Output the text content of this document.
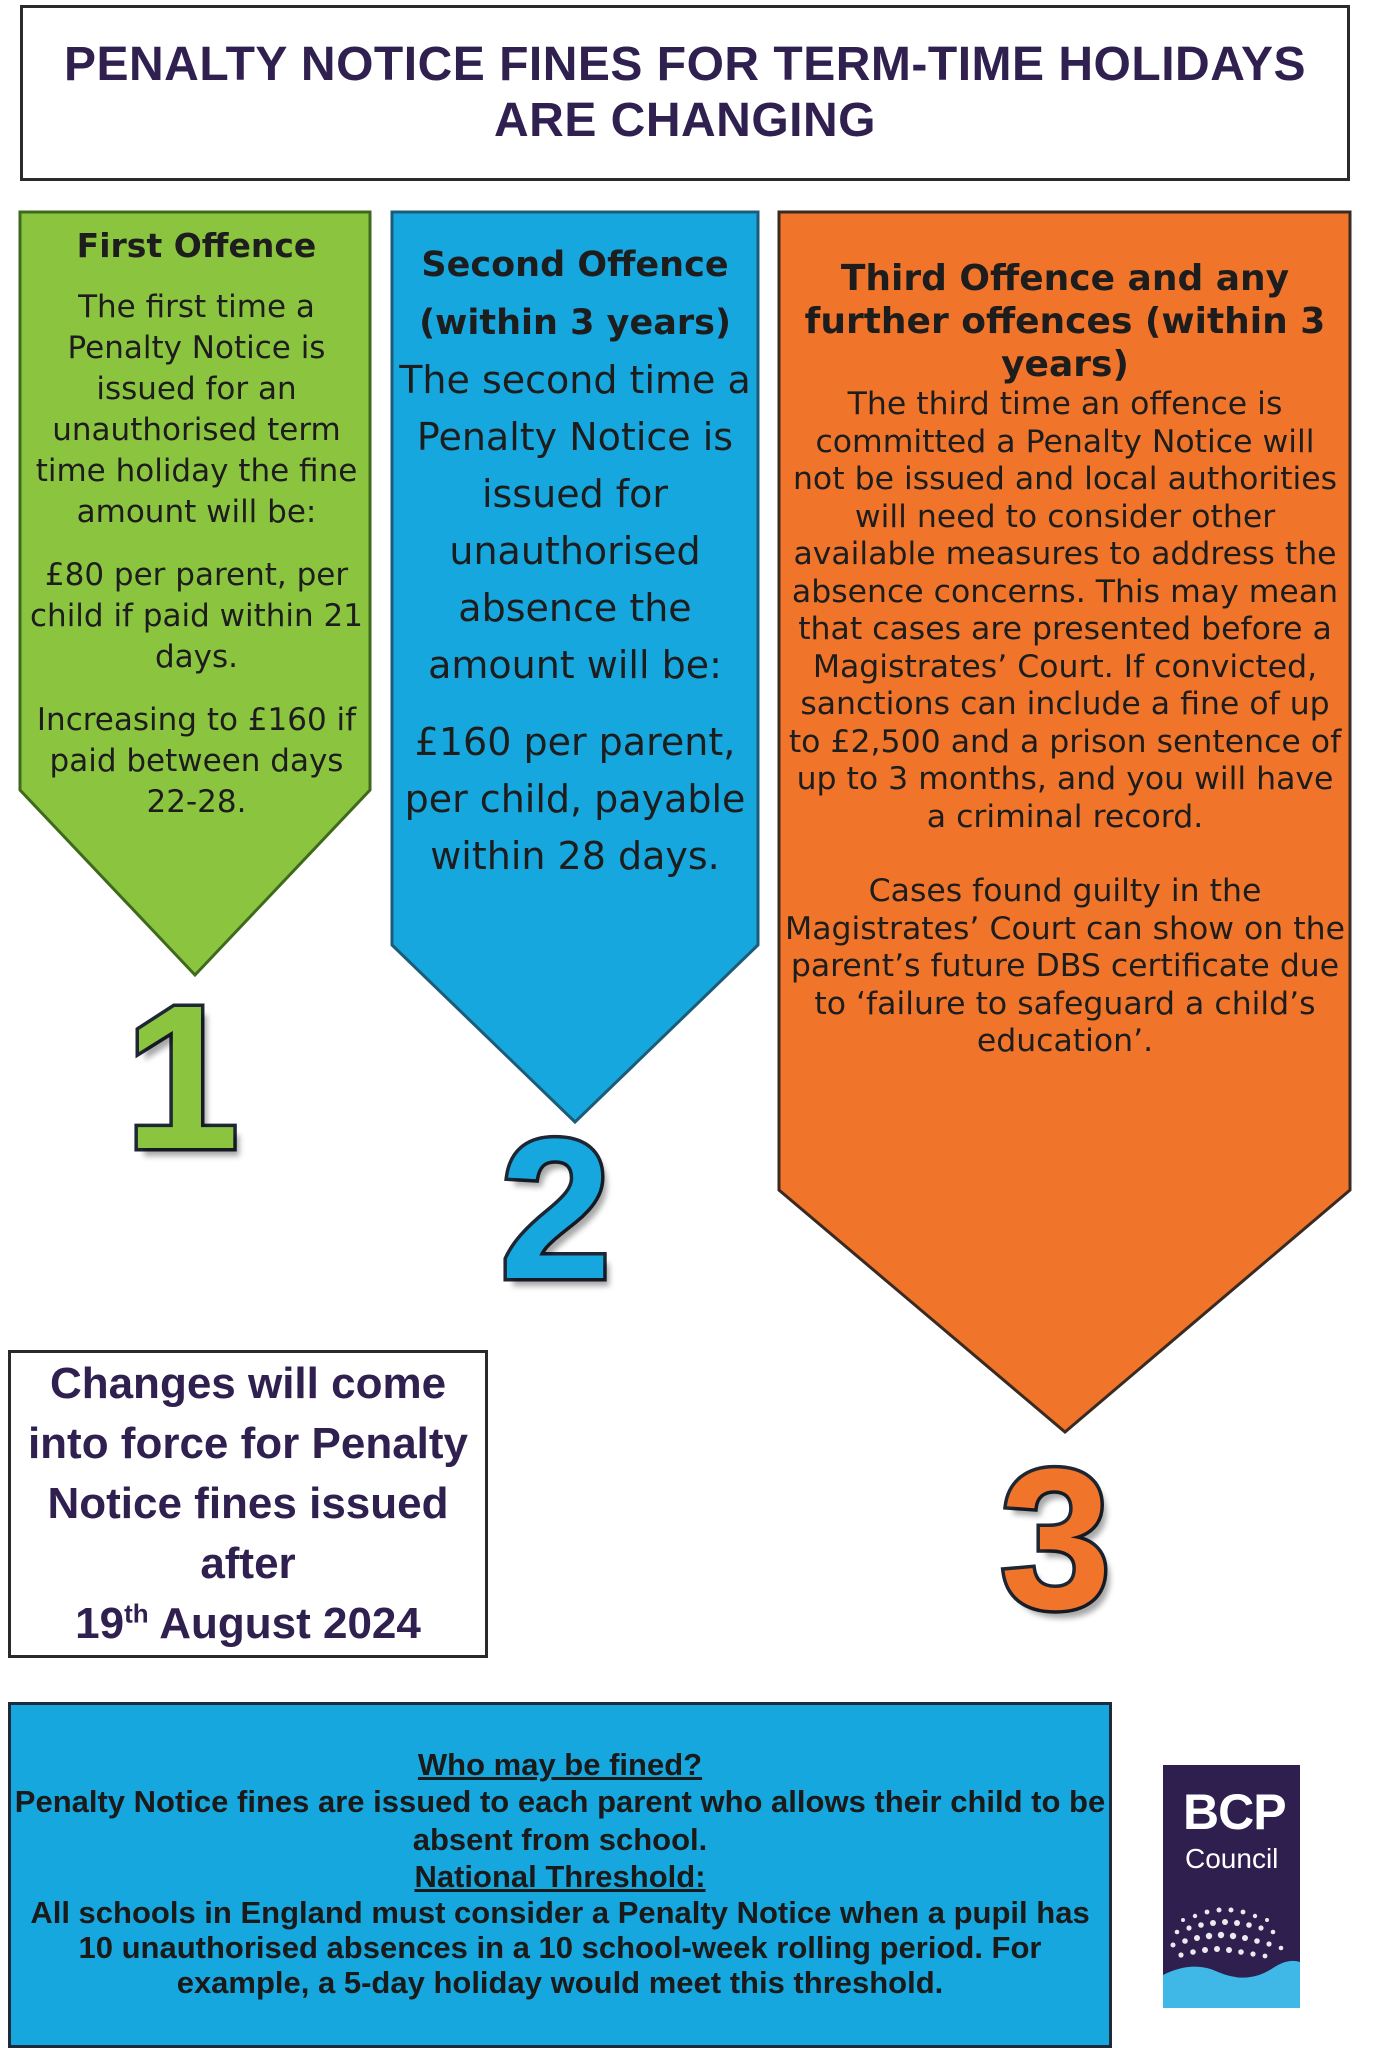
PENALTY NOTICE FINES FOR TERM-TIME HOLIDAYS
ARE CHANGING
First Offence

The first time a Penalty Notice is issued for an unauthorised term time holiday the fine amount will be:

£80 per parent, per child if paid within 21 days.

Increasing to £160 if paid between days 22-28.

Second Offence (within 3 years)

The second time a Penalty Notice is issued for unauthorised absence the amount will be:

£160 per parent, per child, payable within 28 days.

Third Offence and any further offences (within 3 years)

The third time an offence is committed a Penalty Notice will not be issued and local authorities will need to consider other available measures to address the absence concerns. This may mean that cases are presented before a Magistrates’ Court. If convicted, sanctions can include a fine of up to £2,500 and a prison sentence of up to 3 months, and you will have a criminal record.

Cases found guilty in the Magistrates’ Court can show on the parent’s future DBS certificate due to ‘failure to safeguard a child’s education’.

1
2
3
Changes will come into force for Penalty Notice fines issued after
19th August 2024
Who may be fined?
Penalty Notice fines are issued to each parent who allows their child to be absent from school.
National Threshold:
All schools in England must consider a Penalty Notice when a pupil has 10 unauthorised absences in a 10 school-week rolling period. For example, a 5-day holiday would meet this threshold.
BCP
Council
